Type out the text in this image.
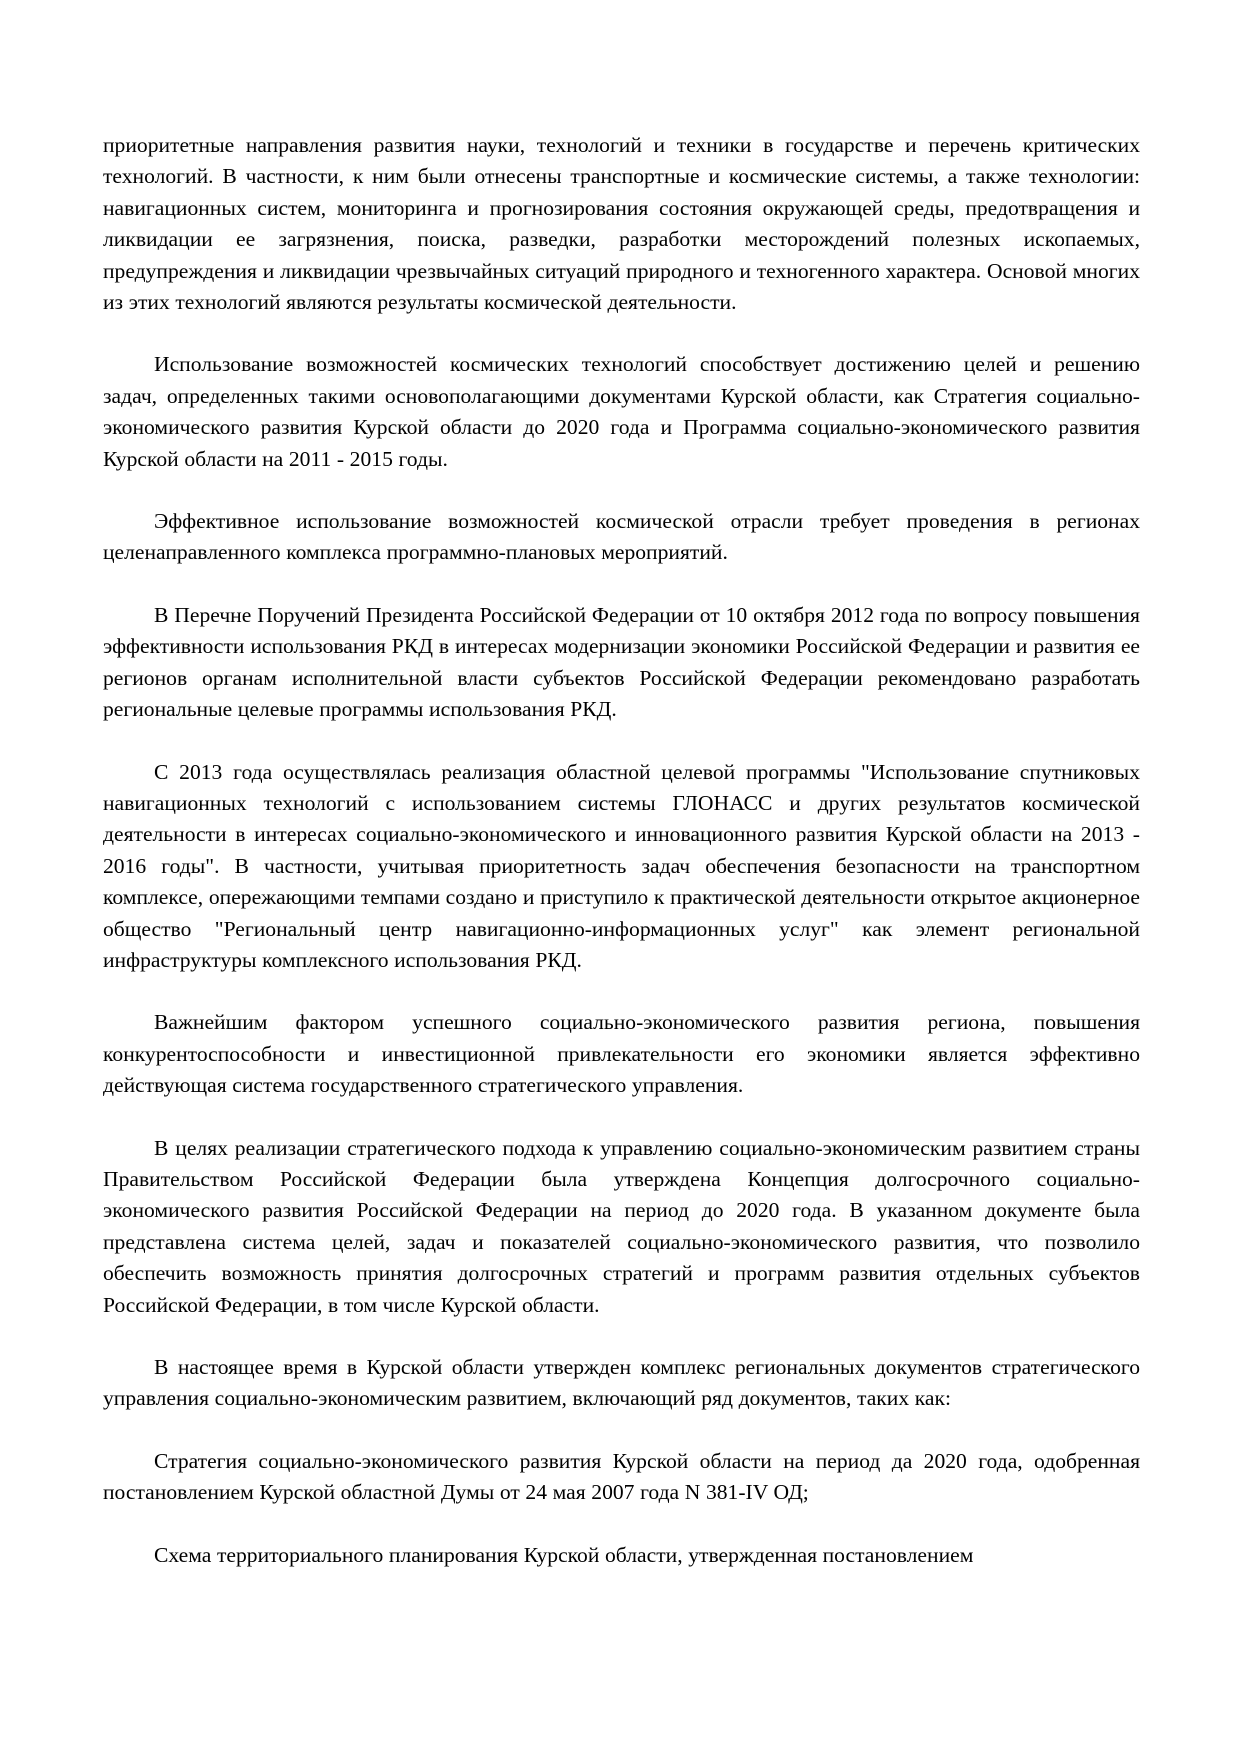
приоритетные направления развития науки, технологий и техники в государстве и перечень критических технологий. В частности, к ним были отнесены транспортные и космические системы, а также технологии: навигационных систем, мониторинга и прогнозирования состояния окружающей среды, предотвращения и ликвидации ее загрязнения, поиска, разведки, разработки месторождений полезных ископаемых, предупреждения и ликвидации чрезвычайных ситуаций природного и техногенного характера. Основой многих из этих технологий являются результаты космической деятельности.

Использование возможностей космических технологий способствует достижению целей и решению задач, определенных такими основополагающими документами Курской области, как Стратегия социально-экономического развития Курской области до 2020 года и Программа социально-экономического развития Курской области на 2011 - 2015 годы.

Эффективное использование возможностей космической отрасли требует проведения в регионах целенаправленного комплекса программно-плановых мероприятий.

В Перечне Поручений Президента Российской Федерации от 10 октября 2012 года по вопросу повышения эффективности использования РКД в интересах модернизации экономики Российской Федерации и развития ее регионов органам исполнительной власти субъектов Российской Федерации рекомендовано разработать региональные целевые программы использования РКД.

С 2013 года осуществлялась реализация областной целевой программы "Использование спутниковых навигационных технологий с использованием системы ГЛОНАСС и других результатов космической деятельности в интересах социально-экономического и инновационного развития Курской области на 2013 - 2016 годы". В частности, учитывая приоритетность задач обеспечения безопасности на транспортном комплексе, опережающими темпами создано и приступило к практической деятельности открытое акционерное общество "Региональный центр навигационно-информационных услуг" как элемент региональной инфраструктуры комплексного использования РКД.

Важнейшим фактором успешного социально-экономического развития региона, повышения конкурентоспособности и инвестиционной привлекательности его экономики является эффективно действующая система государственного стратегического управления.

В целях реализации стратегического подхода к управлению социально-экономическим развитием страны Правительством Российской Федерации была утверждена Концепция долгосрочного социально-экономического развития Российской Федерации на период до 2020 года. В указанном документе была представлена система целей, задач и показателей социально-экономического развития, что позволило обеспечить возможность принятия долгосрочных стратегий и программ развития отдельных субъектов Российской Федерации, в том числе Курской области.

В настоящее время в Курской области утвержден комплекс региональных документов стратегического управления социально-экономическим развитием, включающий ряд документов, таких как:

Стратегия социально-экономического развития Курской области на период да 2020 года, одобренная постановлением Курской областной Думы от 24 мая 2007 года N 381-IV ОД;

Схема территориального планирования Курской области, утвержденная постановлением
